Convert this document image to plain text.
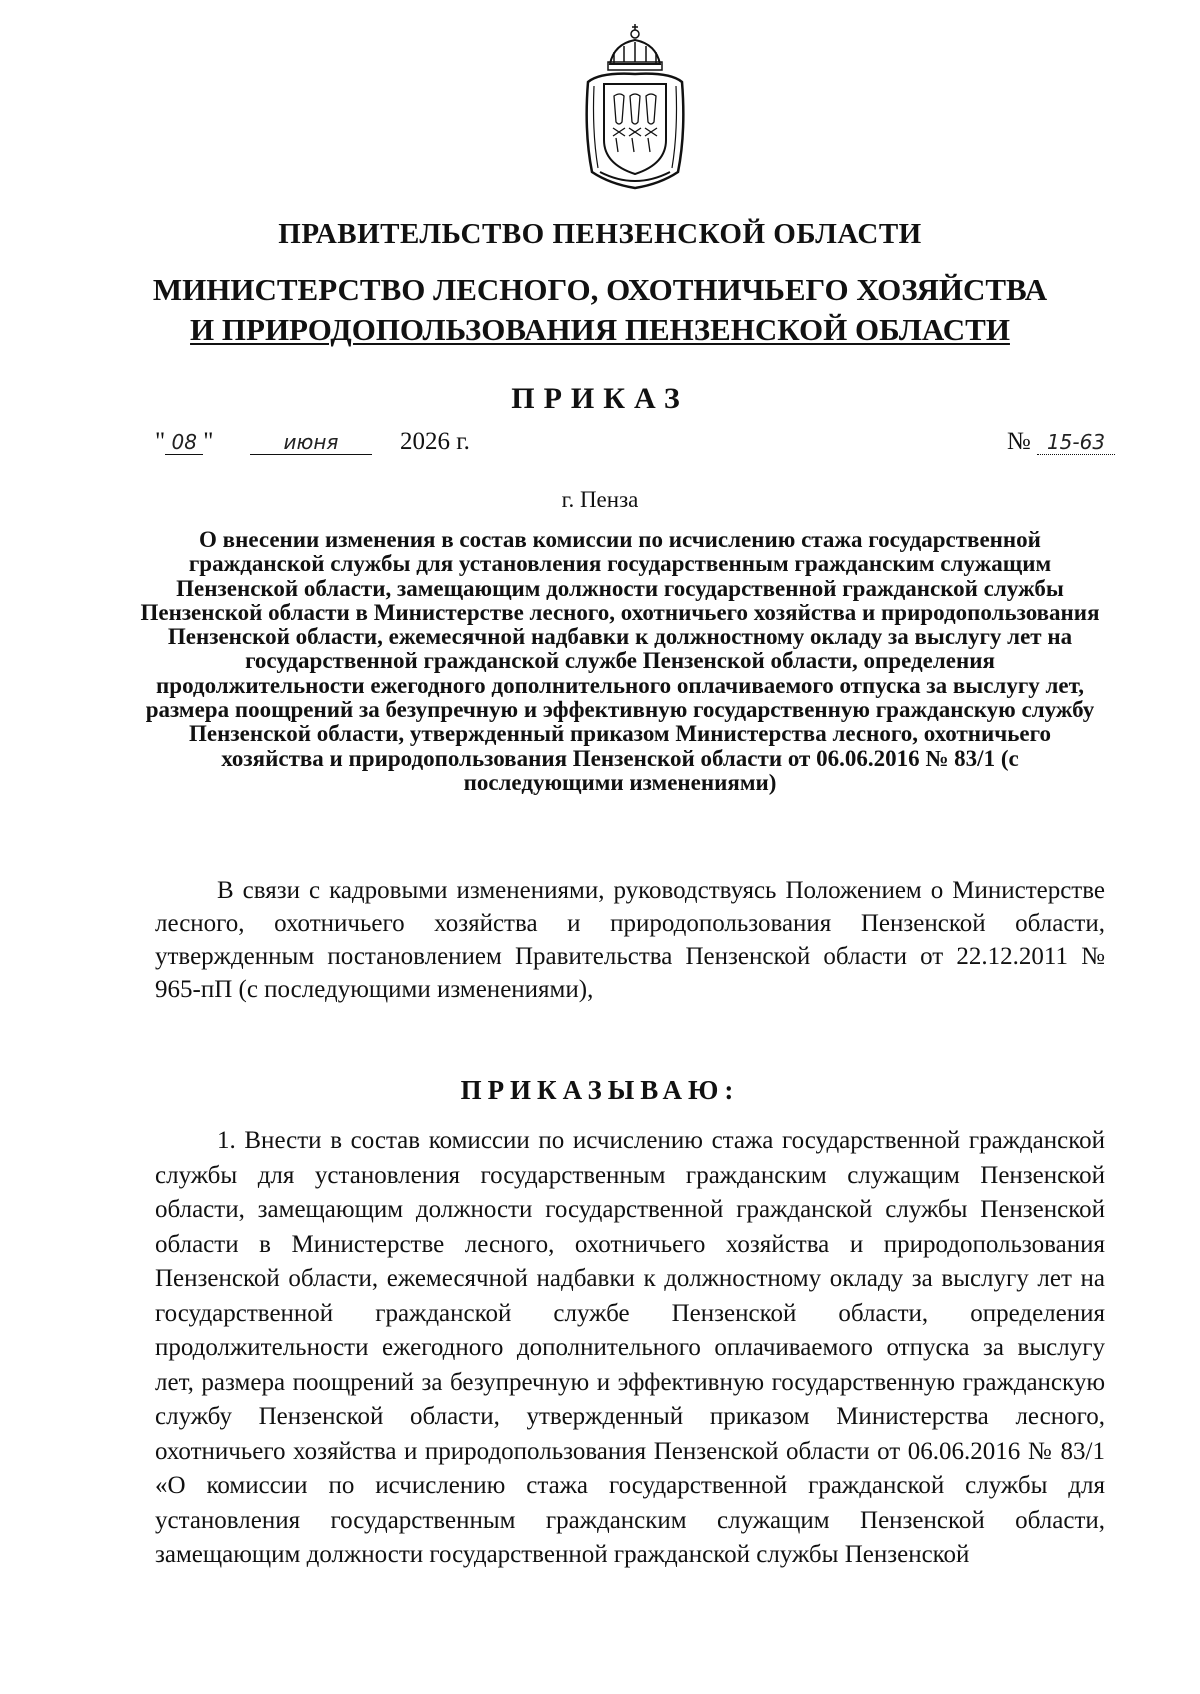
ПРАВИТЕЛЬСТВО ПЕНЗЕНСКОЙ ОБЛАСТИ
МИНИСТЕРСТВО ЛЕСНОГО, ОХОТНИЧЬЕГО ХОЗЯЙСТВА
И ПРИРОДОПОЛЬЗОВАНИЯ ПЕНЗЕНСКОЙ ОБЛАСТИ
ПРИКАЗ
" 08 "	июня	2026 г.	№ 15-63
г. Пенза
О внесении изменения в состав комиссии по исчислению стажа государственной гражданской службы для установления государственным гражданским служащим Пензенской области, замещающим должности государственной гражданской службы Пензенской области в Министерстве лесного, охотничьего хозяйства и природопользования Пензенской области, ежемесячной надбавки к должностному окладу за выслугу лет на государственной гражданской службе Пензенской области, определения продолжительности ежегодного дополнительного оплачиваемого отпуска за выслугу лет, размера поощрений за безупречную и эффективную государственную гражданскую службу Пензенской области, утвержденный приказом Министерства лесного, охотничьего хозяйства и природопользования Пензенской области от 06.06.2016 № 83/1 (с последующими изменениями)
В связи с кадровыми изменениями, руководствуясь Положением о Министерстве лесного, охотничьего хозяйства и природопользования Пензенской области, утвержденным постановлением Правительства Пензенской области от 22.12.2011 № 965-пП (с последующими изменениями),
ПРИКАЗЫВАЮ:
1. Внести в состав комиссии по исчислению стажа государственной гражданской службы для установления государственным гражданским служащим Пензенской области, замещающим должности государственной гражданской службы Пензенской области в Министерстве лесного, охотничьего хозяйства и природопользования Пензенской области, ежемесячной надбавки к должностному окладу за выслугу лет на государственной гражданской службе Пензенской области, определения продолжительности ежегодного дополнительного оплачиваемого отпуска за выслугу лет, размера поощрений за безупречную и эффективную государственную гражданскую службу Пензенской области, утвержденный приказом Министерства лесного, охотничьего хозяйства и природопользования Пензенской области от 06.06.2016 № 83/1 «О комиссии по исчислению стажа государственной гражданской службы для установления государственным гражданским служащим Пензенской области, замещающим должности государственной гражданской службы Пензенской
